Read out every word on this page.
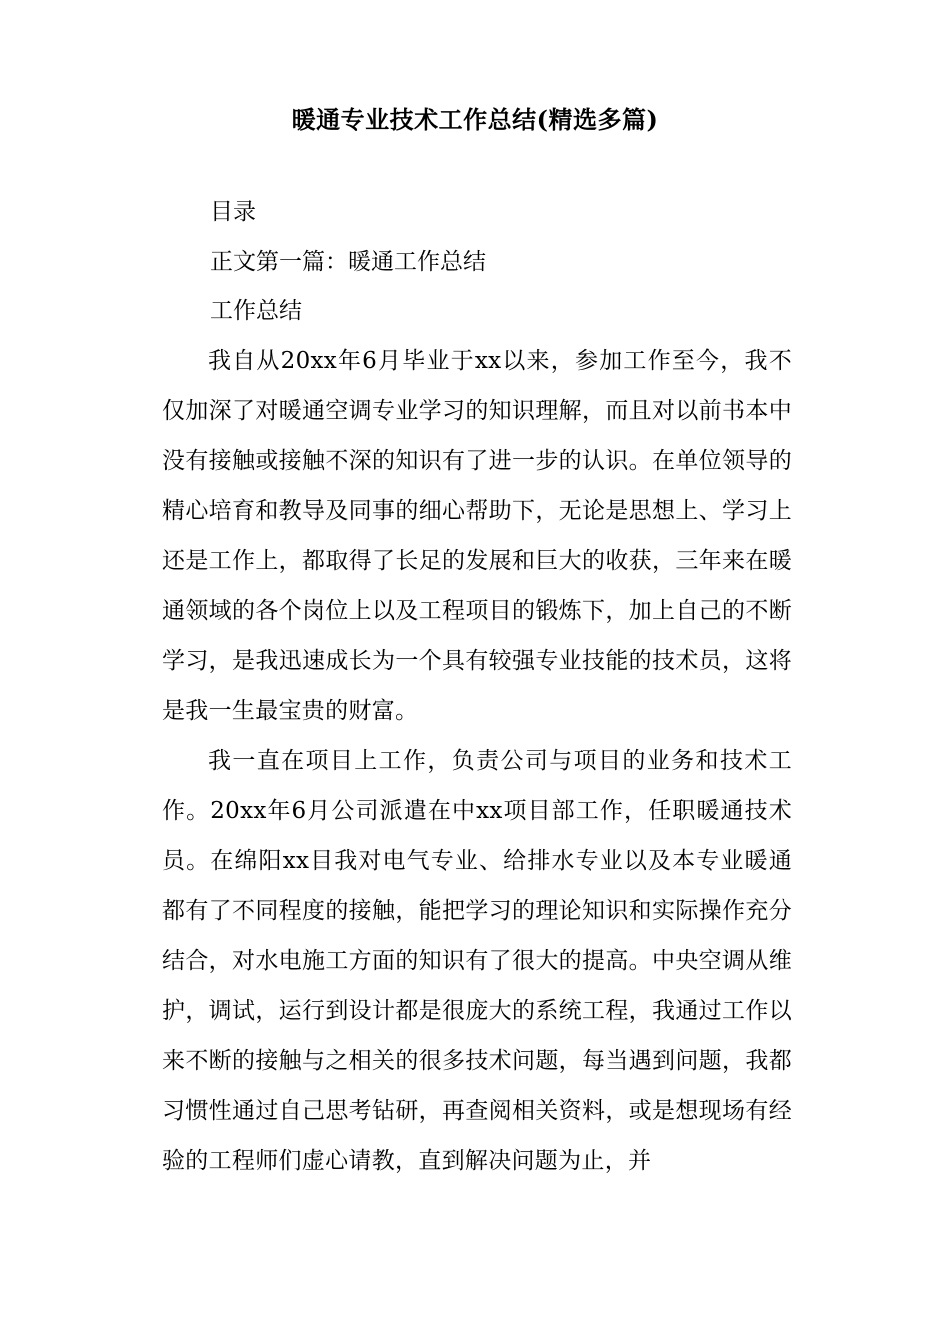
暖通专业技术工作总结(精选多篇)
目录
正文第一篇：暖通工作总结
工作总结

我自从20xx年6月毕业于xx以来，参加工作至今，我不仅加深了对暖通空调专业学习的知识理解，而且对以前书本中没有接触或接触不深的知识有了进一步的认识。在单位领导的精心培育和教导及同事的细心帮助下，无论是思想上、学习上还是工作上，都取得了长足的发展和巨大的收获，三年来在暖通领域的各个岗位上以及工程项目的锻炼下，加上自己的不断学习，是我迅速成长为一个具有较强专业技能的技术员，这将是我一生最宝贵的财富。

我一直在项目上工作，负责公司与项目的业务和技术工作。20xx年6月公司派遣在中xx项目部工作，任职暖通技术员。在绵阳xx目我对电气专业、给排水专业以及本专业暖通都有了不同程度的接触，能把学习的理论知识和实际操作充分结合，对水电施工方面的知识有了很大的提高。中央空调从维护，调试，运行到设计都是很庞大的系统工程，我通过工作以来不断的接触与之相关的很多技术问题，每当遇到问题，我都习惯性通过自己思考钻研，再查阅相关资料，或是想现场有经验的工程师们虚心请教，直到解决问题为止，并
